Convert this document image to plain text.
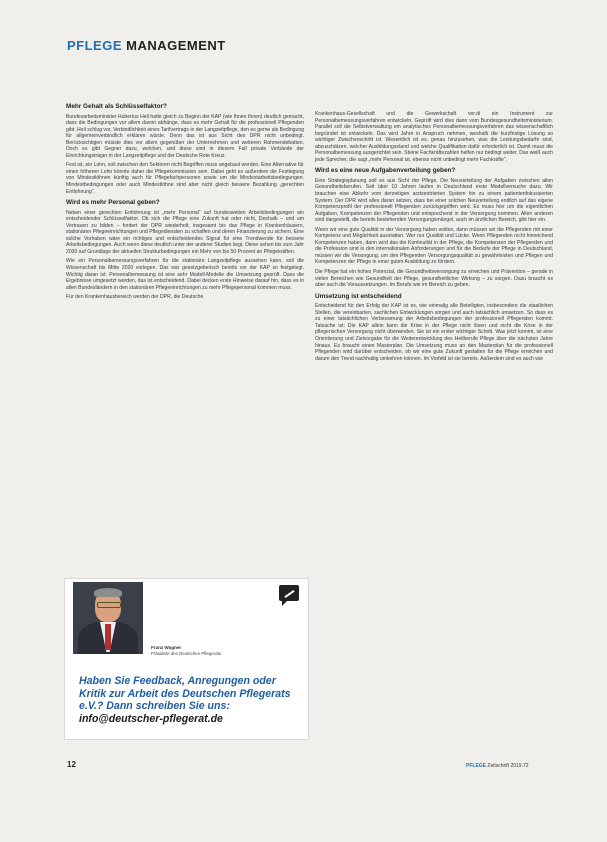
PFLEGE MANAGEMENT
Mehr Gehalt als Schlüsselfaktor?

Bundesarbeitsminister Hubertus Heil hatte gleich zu Beginn der KAP (wie Ihnen Ihnen) deutlich gemacht, dass die Bedingungen vor allem davon abhänge, dass es mehr Gehalt für die professionell Pflegenden gibt. Heil schlug vor, Verbindlichkeit eines Tarifvertrags in der Langzeitpflege, den es gerne als Bedingung für allgemeinverbindlich erklären würde. Denn das ist aus Sicht des DPR nicht unbedingt. Berücksichtigen müsste dies vor allem gegenüber der Unternehmen und weiteren Rahmendebatten. Doch es gibt Gegner dazu, welchen, und diese sind in diesem Fall private Verbände der Einrichtungsträger in der Langzeitpflege und der Deutsche Rote Kreuz.

Fest ist, ein Lohn, soll zwischen den Sektoren nicht Begriffen muss angebaut werden. Eine Alternative für einen höheren Lohn könnte daher die Pflegekommission sein. Dabei geht es außerdem die Festlegung von Mindestlöhnen künftig auch für Pflegefachpersonen sowie um die Mindestarbeitsbedingungen. Mindestbedingungen oder auch Mindestlöhne sind aber nicht gleich bessere Bezahlung „gerechten Entlohnung“.

Wird es mehr Personal geben?

Neben einer gerechten Entlohnung ist „mehr Personal“ auf bundesweiten Arbeitsbedingungen ein entscheidender Schlüsselfaktor. Ob sich die Pflege eine Zukunft hat oder nicht, Deshalb – und um Vertrauen zu bilden – fordert der DPR wiederholt, insgesamt bis das Pflege in Krankenhäusern, stationären Pflegeeinrichtungen und Pflegediensten zu schaffen und deren Finanzierung zu sichern. Eine solche Vorhaben wäre ein richtiges und entscheidendes Signal für eine Trendwende für bessere Arbeitsbedingungen. Auch wenn diese deutlich unter der anderer Studien liegt. Diese sehen bis zum Jahr 2030 auf Grundlage der aktuellen Strukturbedingungen ein Mehr von bis 50 Prozent an Pflegekräften.

Wie ein Personalbemessungsverfahren für die stationäre Langzeitpflege aussehen kann, soll die Wissenschaft bis Mitte 2020 vorlegen. Das war gesetzgeberisch bereits vor der KAP so festgelegt. Wichtig daran ist: Personalbemessung ist eine sehr Modell-Modelle die Umsetzung geprüft. Dass die Ergebnisse umgesetzt werden, das ist entscheidend. Dabei decken erste Hinweise darauf hin, dass es in allen Bundesländern in den stationären Pflegeeinrichtungen zu mehr Pflegepersonal kommen muss.

Für den Krankenhausbereich werden der DPR, die Deutsche

Krankenhaus-Gesellschaft und die Gewerkschaft ver.di ein Instrument zur Personalbemessungsverfahren entwickeln. Geprüft wird dies dann vom Bundesgesundheitsministerium. Parallel soll die Selbstverwaltung ein analytisches Personalbemessungsverfahren das wissenschaftlich begründet ist entwickeln. Das wird Jahre in Anspruch nehmen, weshalb die kurzfristige Lösung so wichtiger Zwischenschritt ist. Wesentlich ist es, genau hinzusehen, was die Leistungsbedarfe sind, abzuschätzen, welcher Ausbildungsstand und welche Qualifikation dafür erforderlich ist. Damit muss die Personalbemessung ausgerichtet sein. Steine Fachkräftezahlen helfen nur bedingt weiter. Das weiß auch jede Sprecher, die sagt „mehr Personal ist, ebenso nicht unbedingt mehr Fachkräfte“.

Wird es eine neue Aufgabenverteilung geben?

Eine Strategieplanung soll es aus Sicht der Pflege. Die Neuverteilung der Aufgaben zwischen allen Gesundheitsberufen. Seit über 10 Jahren laufen in Deutschland erste Modellversuche dazu. Wir brauchen eine Abkehr vom derzeitigen arztzentrierten System hin zu einem patientenfokussierten System. Der DPR wird alles daran setzen, dass bei einer solchen Neuverteilung endlich auf das eigene Kompetenzprofil der professionell Pflegenden zurückgegriffen wird. Es muss hier um die eigentlichen Aufgaben, Kompetenzen der Pflegenden und entsprechend in der Versorgung kommen. Allen anderen sind dargestellt, die bereits bestehenden Versorgungsmängel, auch im ärztlichen Bereich, gibt hier ein.

Wenn wir eine gute Qualität in der Versorgung haben wollen, dann müssen wir die Pflegenden mit einer Kompetenz und Möglichkeit ausstatten. Wer nur Qualität und Lücke. Wenn Pflegenden nicht hinreichend Kompetenzen haben, dann wird das die Kontinuität in der Pflege, die Kompetenzen der Pflegenden und die Profession sind in den internationalen Anforderungen und für die Bedarfe der Pflege in Deutschland, müssen wir die Versorgung, um den Pflegenden Versorgungsqualität zu gewährleisten und Pflegen und Kompetenzen der Pflege in einer guten Ausbildung zu fördern.

Die Pflege hat ein hohes Potenzial, die Gesundheitsversorgung zu erreichen und Prävention – gerade in vielen Bereichen wie Gesundheit der Pflege, gesundheitlicher Wirkung – zu sorgen. Dazu braucht es aber auch die Voraussetzungen. Im Berufe wie im Bereich zu geben.

Umsetzung ist entscheidend

Entscheidend für den Erfolg der KAP ist es, wie einmalig alle Beteiligten, insbesondere die staatlichen Stellen, die vereinbarten, sachlichen Entwicklungen sorgen und auch tatsächlich umsetzen. So dass es zu einer tatsächlichen Verbesserung der Arbeitsbedingungen der professionell Pflegenden kommt. Tatsache ist: Die KAP allein kann die Krise in der Pflege nicht lösen und nicht die Krise in der pflegerischen Versorgung nicht überwinden. Sie ist ein erster wichtiger Schritt. Was jetzt kommt, ist eine Orientierung und Zielvorgabe für die Weiterentwicklung des Heilberufe Pflege über die nächsten Jahre hinaus. Es braucht einen Masterplan. Die Umsetzung muss an den Masterplan für die professionell Pflegenden wird darüber entscheiden, ob wir eine gute Zukunft gestalten für die Pflege erreichen und darum den Trend nachhaltig umkehren können. Im Vorfeld ist sie bereits. Außerdem sind es auch wie

Franz Wagner
Präsident des Deutschen Pflegerats
Haben Sie Feedback, Anregungen oder Kritik zur Arbeit des Deutschen Pflegerats e.V.? Dann schreiben Sie uns: info@deutscher-pflegerat.de
12	PFLEGE Zeitschrift 2019.72
